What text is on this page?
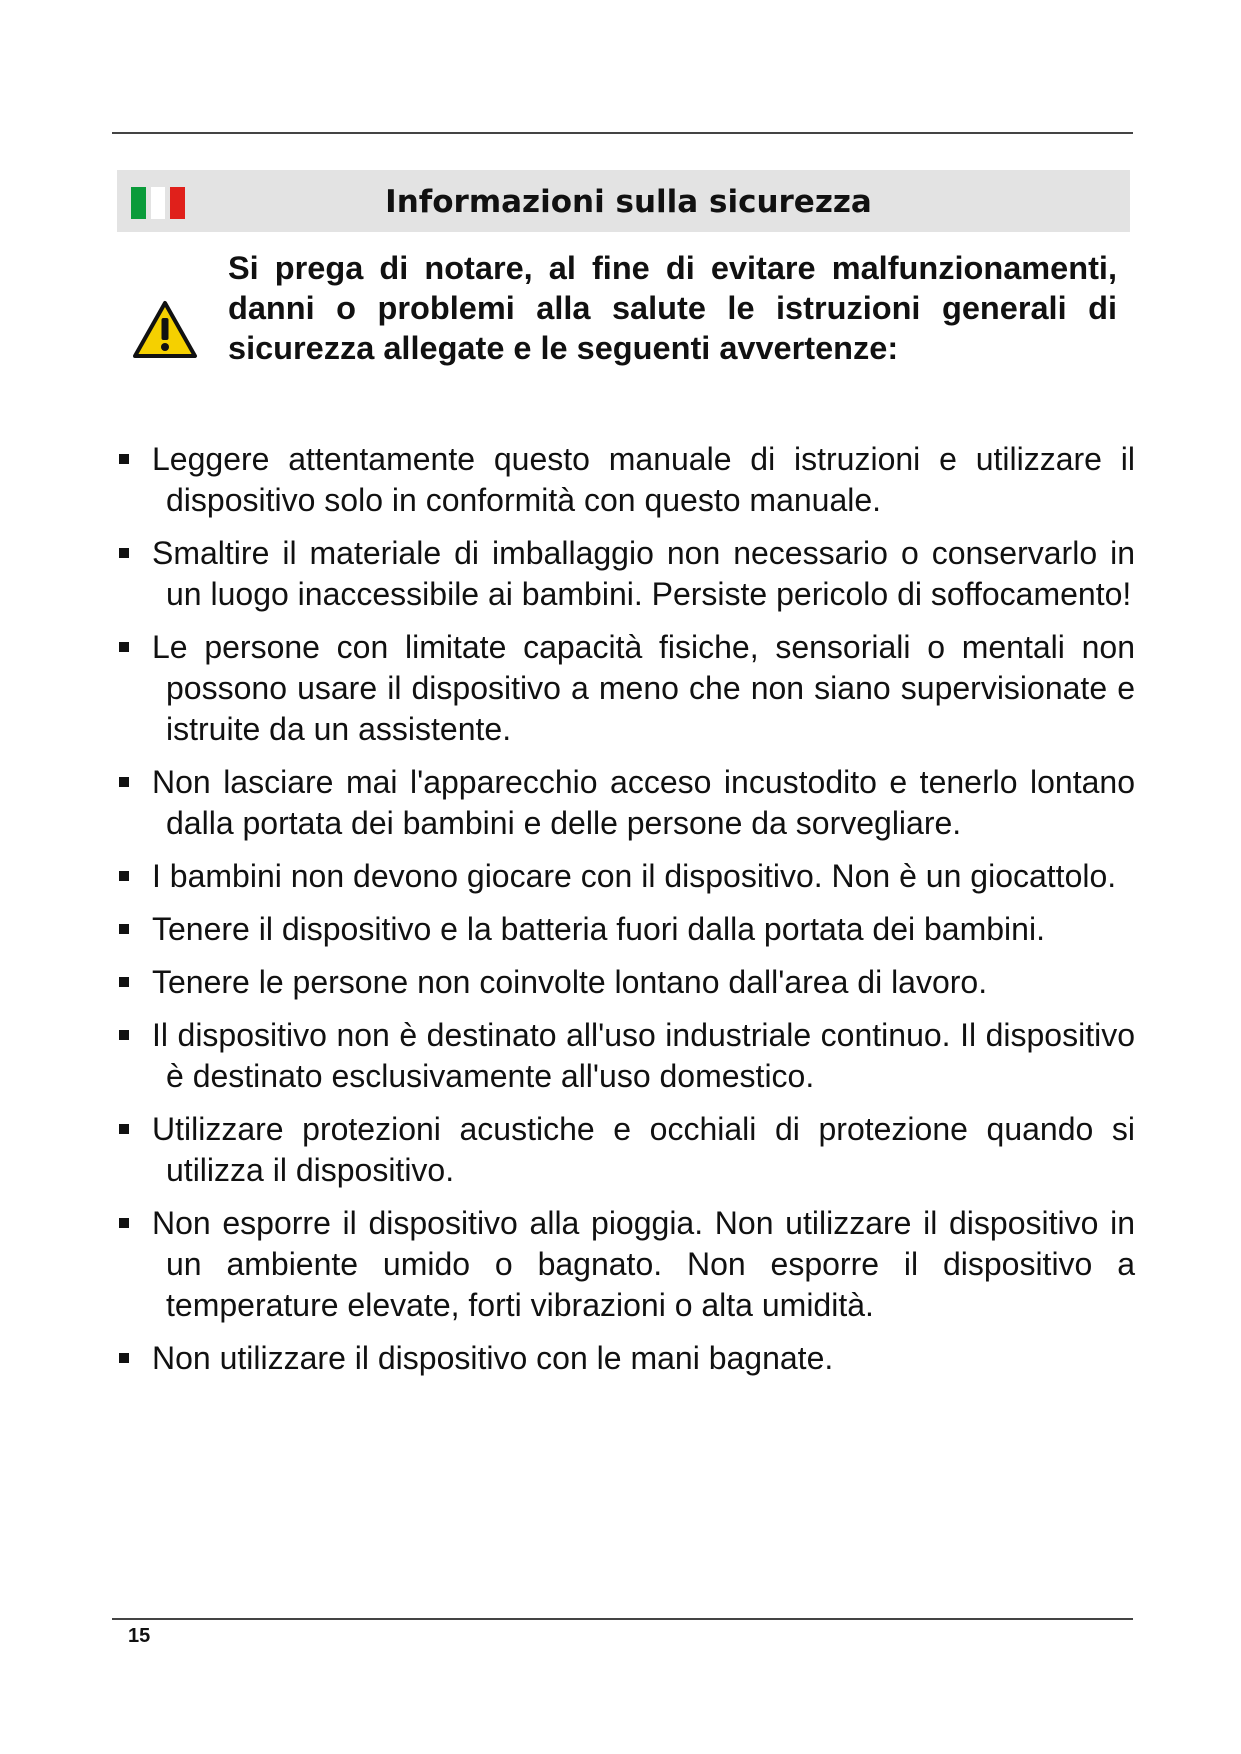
Informazioni sulla sicurezza
Si prega di notare, al fine di evitare malfunzionamenti, danni o problemi alla salute le istruzioni generali di sicurezza allegate e le seguenti avvertenze:
Leggere attentamente questo manuale di istruzioni e utilizzare il dispositivo solo in conformità con questo manuale.
Smaltire il materiale di imballaggio non necessario o conservarlo in un luogo inaccessibile ai bambini. Persiste pericolo di soffocamento!
Le persone con limitate capacità fisiche, sensoriali o mentali non possono usare il dispositivo a meno che non siano supervisionate e istruite da un assistente.
Non lasciare mai l'apparecchio acceso incustodito e tenerlo lontano dalla portata dei bambini e delle persone da sorvegliare.
I bambini non devono giocare con il dispositivo. Non è un giocattolo.
Tenere il dispositivo e la batteria fuori dalla portata dei bambini.
Tenere le persone non coinvolte lontano dall'area di lavoro.
Il dispositivo non è destinato all'uso industriale continuo. Il dispositivo è destinato esclusivamente all'uso domestico.
Utilizzare protezioni acustiche e occhiali di protezione quando si utilizza il dispositivo.
Non esporre il dispositivo alla pioggia. Non utilizzare il dispositivo in un ambiente umido o bagnato. Non esporre il dispositivo a temperature elevate, forti vibrazioni o alta umidità.
Non utilizzare il dispositivo con le mani bagnate.
15
